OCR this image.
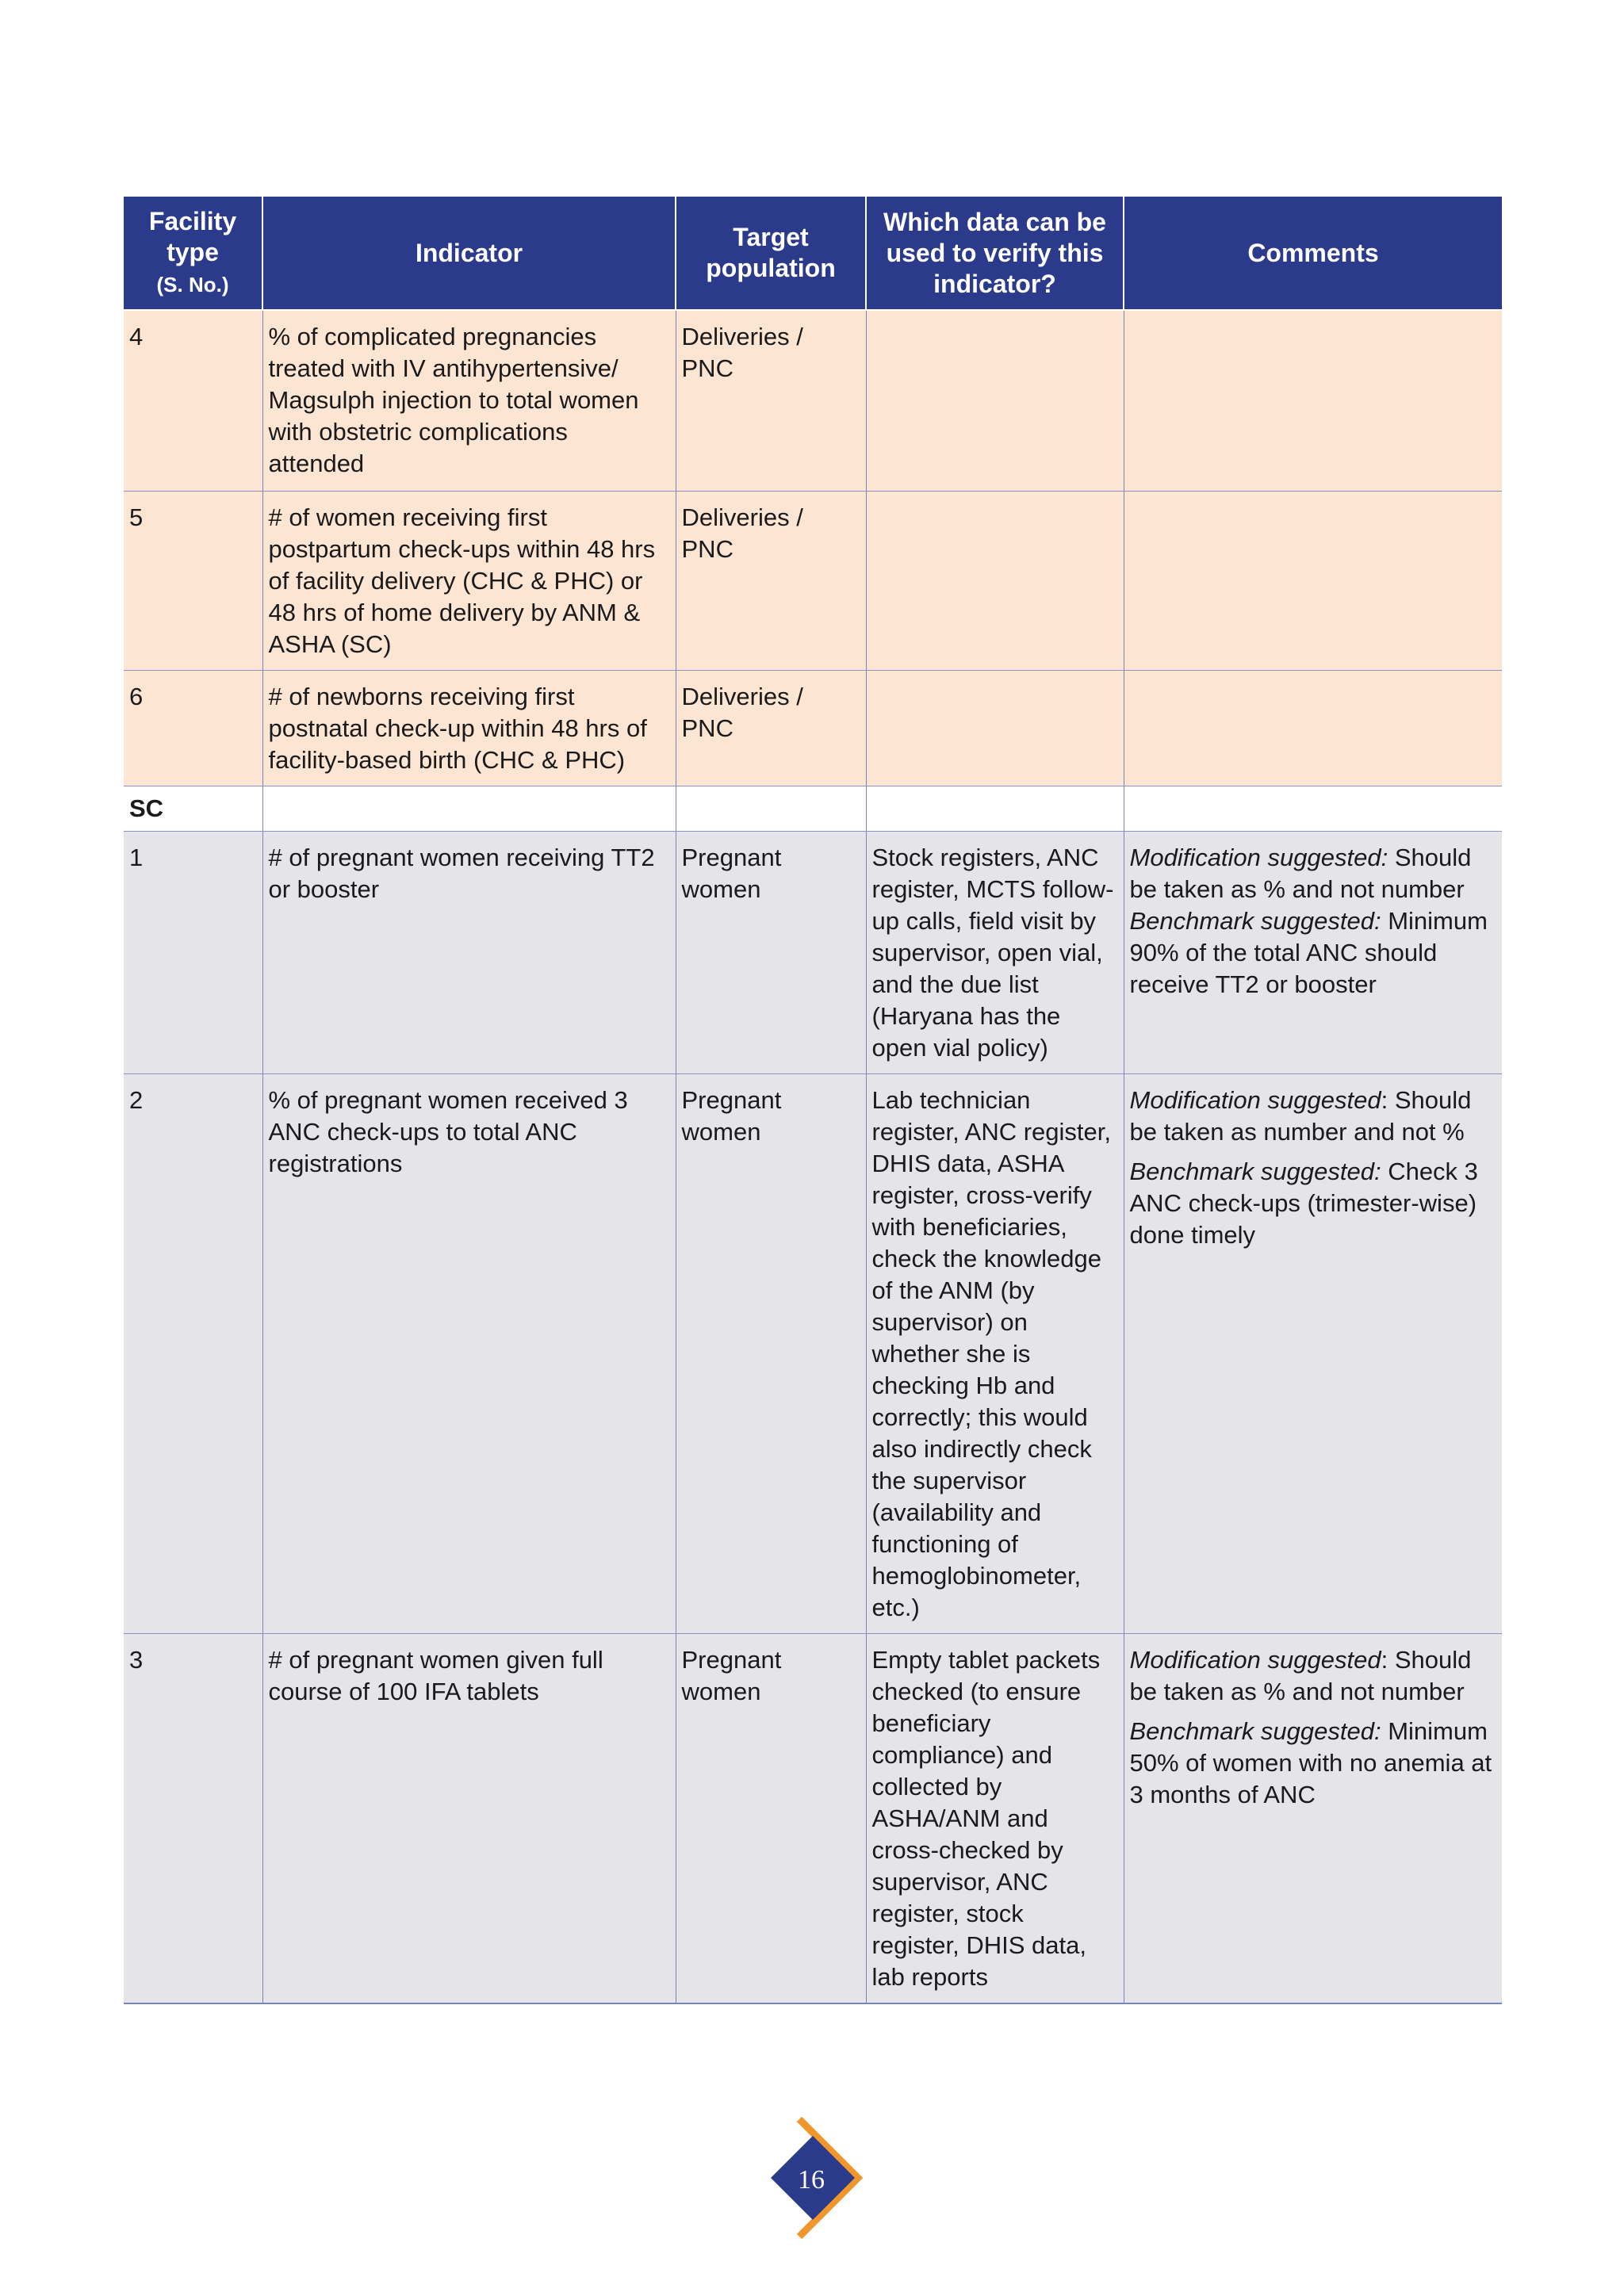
Facility type
(S. No.)	Indicator	Target population	Which data can be used to verify this indicator?	Comments
4	% of complicated pregnancies treated with IV antihypertensive/ Magsulph injection to total women with obstetric complications attended	Deliveries / PNC		
5	# of women receiving first postpartum check-ups within 48 hrs of facility delivery (CHC & PHC) or 48 hrs of home delivery by ANM & ASHA (SC)	Deliveries / PNC		
6	# of newborns receiving first postnatal check-up within 48 hrs of facility-based birth (CHC & PHC)	Deliveries / PNC		
SC				
1	# of pregnant women receiving TT2 or booster	Pregnant women	Stock registers, ANC register, MCTS follow-up calls, field visit by supervisor, open vial, and the due list (Haryana has the open vial policy)	Modification suggested: Should be taken as % and not number
Benchmark suggested: Minimum 90% of the total ANC should receive TT2 or booster
2	% of pregnant women received 3 ANC check-ups to total ANC registrations	Pregnant women	Lab technician register, ANC register, DHIS data, ASHA register, cross-verify with beneficiaries, check the knowledge of the ANM (by supervisor) on whether she is checking Hb and correctly; this would also indirectly check the supervisor (availability and functioning of hemoglobinometer, etc.)	Modification suggested: Should be taken as number and not %
Benchmark suggested: Check 3 ANC check-ups (trimester-wise) done timely

3	# of pregnant women given full course of 100 IFA tablets	Pregnant women	Empty tablet packets checked (to ensure beneficiary compliance) and collected by ASHA/ANM and cross-checked by supervisor, ANC register, stock register, DHIS data, lab reports	Modification suggested: Should be taken as % and not number
Benchmark suggested: Minimum 50% of women with no anemia at 3 months of ANC
16
